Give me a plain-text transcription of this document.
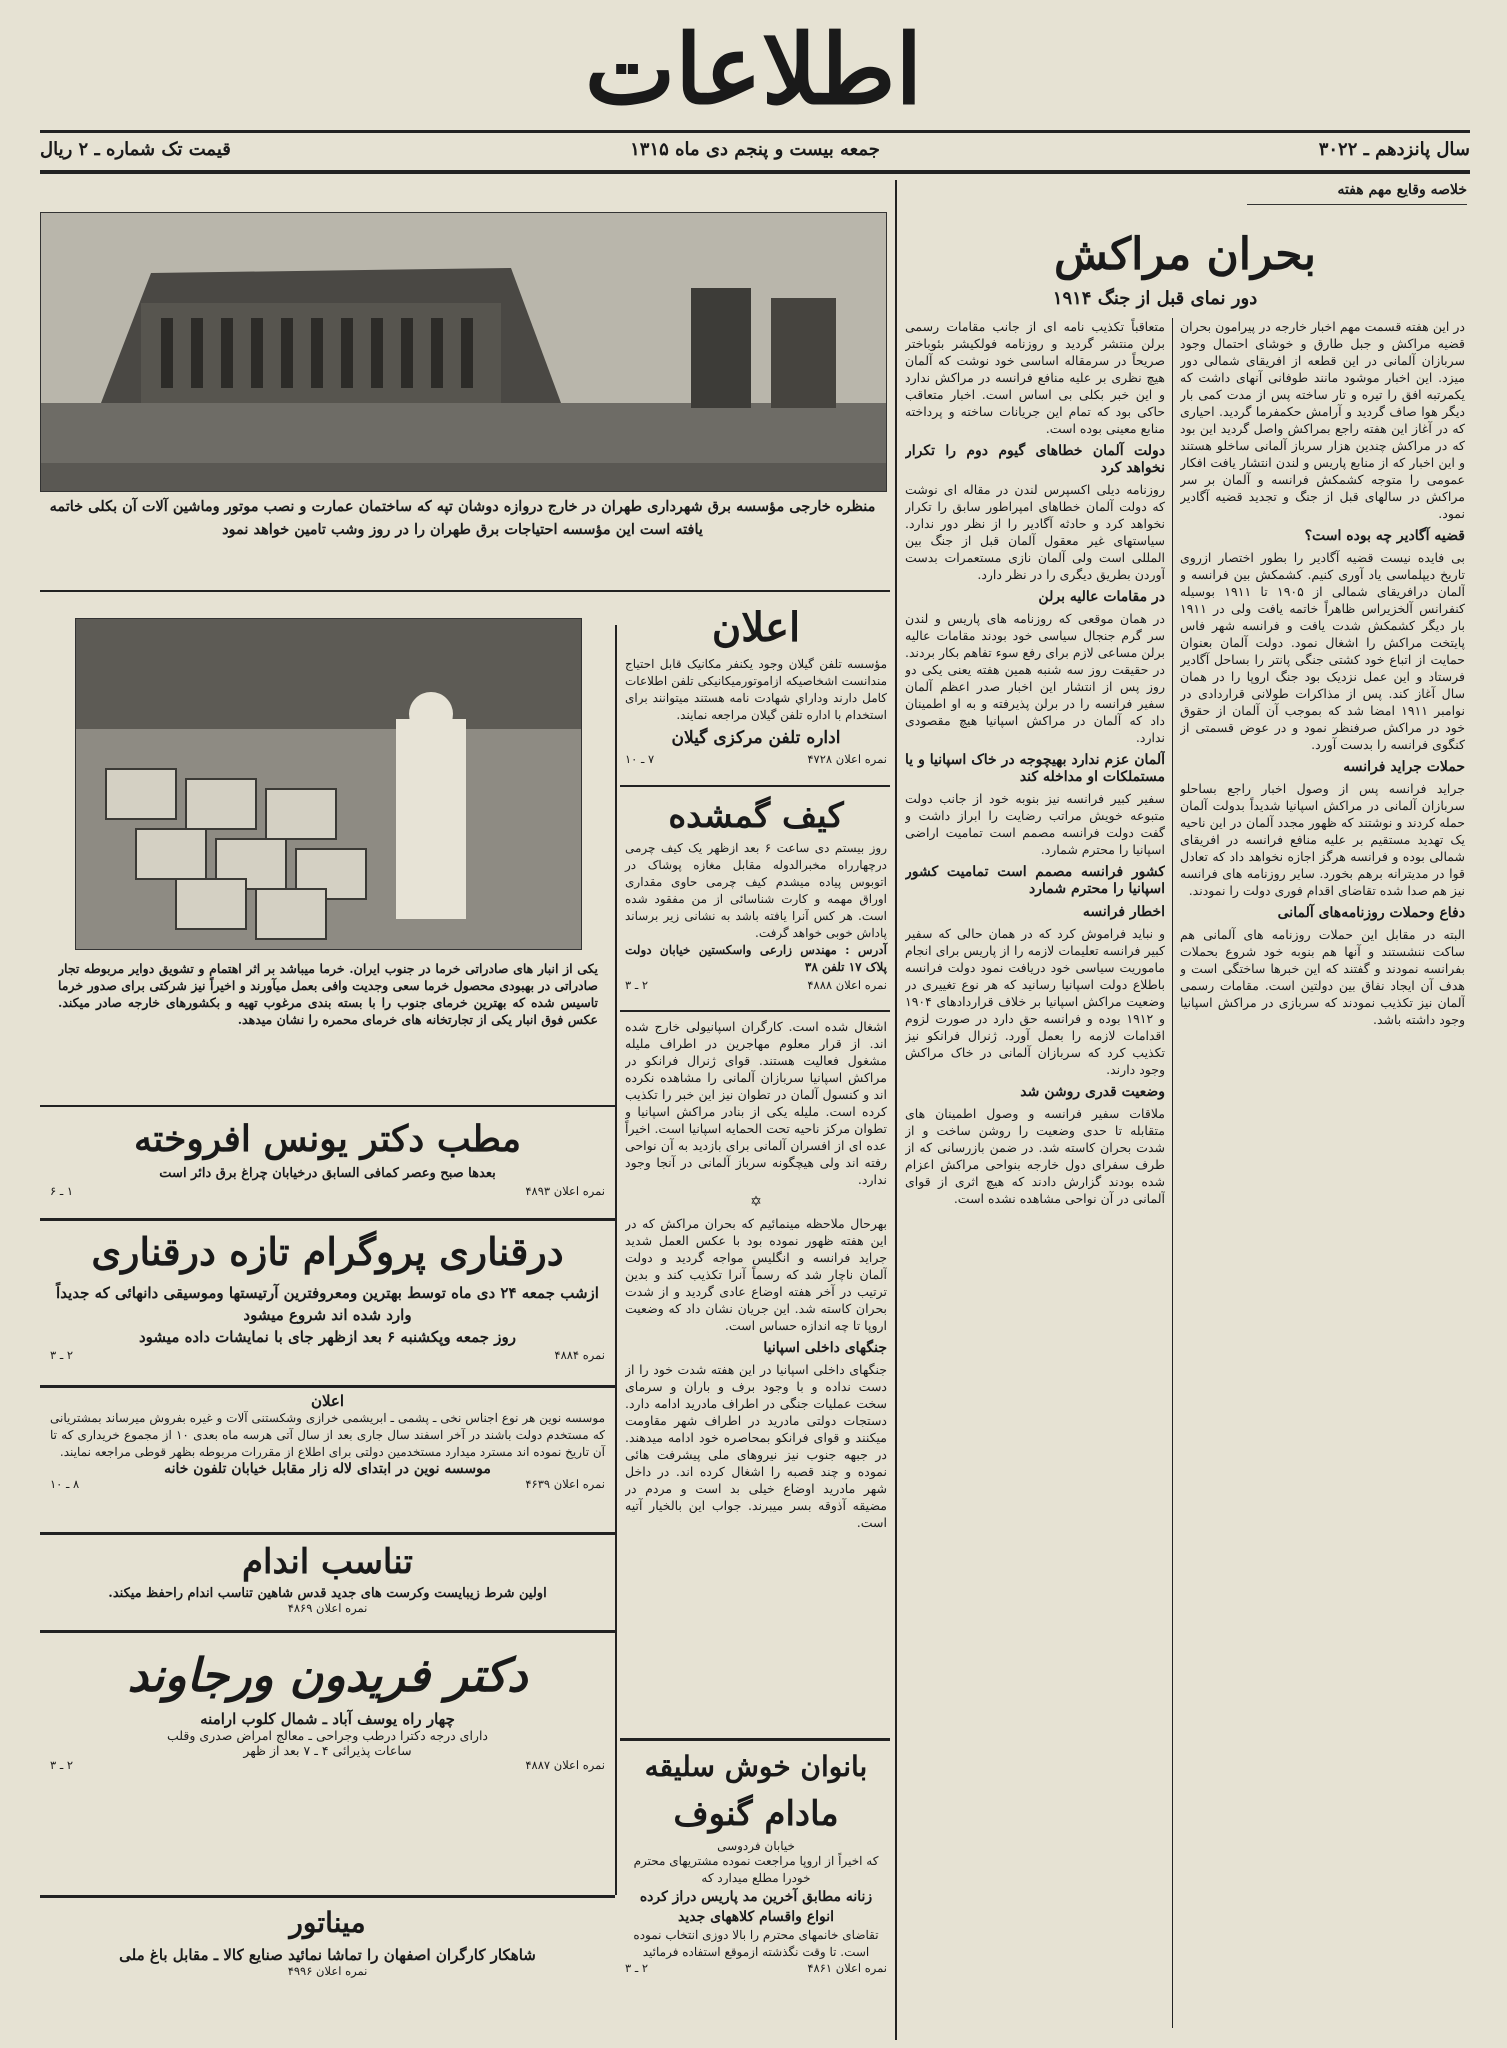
اطلاعات
سال پانزدهم ـ ۳۰۲۲
جمعه بیست و پنجم دی ماه ۱۳۱۵
قیمت تک شماره ـ ۲ ریال
خلاصه وقایع مهم هفته
بحران مراکش
دور نمای قبل از جنگ ۱۹۱۴

در این هفته قسمت مهم اخبار خارجه در پیرامون بحران قضیه مراکش و جبل طارق و خوشای احتمال وجود سربازان آلمانی در این قطعه از افریقای شمالی دور میزد. این اخبار موشود مانند طوفانی آنهای داشت که یکمرتبه افق را تیره و تار ساخته پس از مدت کمی بار دیگر هوا صاف گردید و آرامش حکمفرما گردید. احیاری که در آغاز این هفته راجع بمراکش واصل گردید این بود که در مراکش چندین هزار سرباز آلمانی ساخلو هستند و این اخبار که از منابع پاریس و لندن انتشار یافت افکار عمومی را متوجه کشمکش فرانسه و آلمان بر سر مراکش در سالهای قبل از جنگ و تجدید قضیه آگادیر نمود.

قضیه آگادیر چه بوده است؟

بی فایده نیست قضیه آگادیر را بطور اختصار ازروی تاریخ دیپلماسی یاد آوری کنیم. کشمکش بین فرانسه و آلمان درافریقای شمالی از ۱۹۰۵ تا ۱۹۱۱ بوسیله کنفرانس آلخزیراس ظاهراً خاتمه یافت ولی در ۱۹۱۱ بار دیگر کشمکش شدت یافت و فرانسه شهر فاس پایتخت مراکش را اشغال نمود. دولت آلمان بعنوان حمایت از اتباع خود کشتی جنگی پانتر را بساحل آگادیر فرستاد و این عمل نزدیک بود جنگ اروپا را در همان سال آغاز کند. پس از مذاکرات طولانی قراردادی در نوامبر ۱۹۱۱ امضا شد که بموجب آن آلمان از حقوق خود در مراکش صرفنظر نمود و در عوض قسمتی از کنگوی فرانسه را بدست آورد.

حملات جراید فرانسه

جراید فرانسه پس از وصول اخبار راجع بساحلو سربازان آلمانی در مراکش اسپانیا شدیداً بدولت آلمان حمله کردند و نوشتند که ظهور مجدد آلمان در این ناحیه یک تهدید مستقیم بر علیه منافع فرانسه در افریقای شمالی بوده و فرانسه هرگز اجازه نخواهد داد که تعادل قوا در مدیترانه برهم بخورد. سایر روزنامه های فرانسه نیز هم صدا شده تقاضای اقدام فوری دولت را نمودند.

دفاع وحملات روزنامه‌های آلمانی

البته در مقابل این حملات روزنامه های آلمانی هم ساکت ننشستند و آنها هم بنوبه خود شروع بحملات بفرانسه نمودند و گفتند که این خبرها ساختگی است و هدف آن ایجاد نفاق بین دولتین است. مقامات رسمی آلمان نیز تکذیب نمودند که سربازی در مراکش اسپانیا وجود داشته باشد.

متعاقباً تکذیب نامه ای از جانب مقامات رسمی برلن منتشر گردید و روزنامه فولکیشر بئوباختر صریحاً در سرمقاله اساسی خود نوشت که آلمان هیچ نظری بر علیه منافع فرانسه در مراکش ندارد و این خبر بکلی بی اساس است. اخبار متعاقب حاکی بود که تمام این جریانات ساخته و پرداخته منابع معینی بوده است.

دولت آلمان خطاهای گیوم دوم را تکرار نخواهد کرد

روزنامه دیلی اکسپرس لندن در مقاله ای نوشت که دولت آلمان خطاهای امپراطور سابق را تکرار نخواهد کرد و حادثه آگادیر را از نظر دور ندارد. سیاستهای غیر معقول آلمان قبل از جنگ بین المللی است ولی آلمان نازی مستعمرات بدست آوردن بطریق دیگری را در نظر دارد.

در مقامات عالیه برلن

در همان موقعی که روزنامه های پاریس و لندن سر گرم جنجال سیاسی خود بودند مقامات عالیه برلن مساعی لازم برای رفع سوء تفاهم بکار بردند. در حقیقت روز سه شنبه همین هفته یعنی یکی دو روز پس از انتشار این اخبار صدر اعظم آلمان سفیر فرانسه را در برلن پذیرفته و به او اطمینان داد که آلمان در مراکش اسپانیا هیچ مقصودی ندارد.

آلمان عزم ندارد بهیچوجه در خاک اسپانیا و یا مستملکات او مداخله کند

سفیر کبیر فرانسه نیز بنوبه خود از جانب دولت متبوعه خویش مراتب رضایت را ابراز داشت و گفت دولت فرانسه مصمم است تمامیت اراضی اسپانیا را محترم شمارد.

کشور فرانسه مصمم است تمامیت کشور اسپانیا را محترم شمارد
اخطار فرانسه

و نباید فراموش کرد که در همان حالی که سفیر کبیر فرانسه تعلیمات لازمه را از پاریس برای انجام ماموریت سیاسی خود دریافت نمود دولت فرانسه باطلاع دولت اسپانیا رسانید که هر نوع تغییری در وضعیت مراکش اسپانیا بر خلاف قراردادهای ۱۹۰۴ و ۱۹۱۲ بوده و فرانسه حق دارد در صورت لزوم اقدامات لازمه را بعمل آورد. ژنرال فرانکو نیز تکذیب کرد که سربازان آلمانی در خاک مراکش وجود دارند.

وضعیت قدری روشن شد

ملاقات سفیر فرانسه و وصول اطمینان های متقابله تا حدی وضعیت را روشن ساخت و از شدت بحران کاسته شد. در ضمن بازرسانی که از طرف سفرای دول خارجه بنواحی مراکش اعزام شده بودند گزارش دادند که هیچ اثری از قوای آلمانی در آن نواحی مشاهده نشده است.

منظره خارجی مؤسسه برق شهرداری طهران در خارج دروازه دوشان تپه که ساختمان عمارت و نصب موتور وماشین آلات آن بکلی خاتمه یافته است این مؤسسه احتیاجات برق طهران را در روز وشب تامین خواهد نمود
یکی از انبار های صادراتی خرما در جنوب ایران. خرما میباشد بر اثر اهتمام و تشویق دوایر مربوطه تجار صادراتی در بهبودی محصول خرما سعی وجدیت وافی بعمل میآورند و اخیراً نیز شرکتی برای صدور خرما تاسیس شده که بهترین خرمای جنوب را با بسته بندی مرغوب تهیه و بکشورهای خارجه صادر میکند. عکس فوق انبار یکی از تجارتخانه های خرمای محمره را نشان میدهد.
اعلان
مؤسسه تلفن گیلان وجود یکنفر مکانیک قابل احتیاج مندانست اشخاصیکه ازاموتورمیکانیکی تلفن اطلاعات کامل دارند وداراي شهادت نامه هستند میتوانند برای استخدام با اداره تلفن گیلان مراجعه نمایند.
اداره تلفن مرکزی گیلان
نمره اعلان ۴۷۲۸
۷ ـ ۱۰
کیف گمشده
روز بیستم دی ساعت ۶ بعد ازظهر یک کیف چرمی درچهارراه مخبرالدوله مقابل مغازه پوشاک در اتوبوس پیاده میشدم کیف چرمی حاوی مقداری اوراق مهمه و کارت شناسائی از من مفقود شده است. هر کس آنرا یافته باشد به نشانی زیر برساند پاداش خوبی خواهد گرفت.
آدرس : مهندس زارعی واسکستین خیابان دولت پلاک ۱۷ تلفن ۳۸
نمره اعلان ۴۸۸۸
۲ ـ ۳

اشغال شده است. کارگران اسپانیولی خارج شده اند. از قرار معلوم مهاجرین در اطراف ملیله مشغول فعالیت هستند. قوای ژنرال فرانکو در مراکش اسپانیا سربازان آلمانی را مشاهده نکرده اند و کنسول آلمان در تطوان نیز این خبر را تکذیب کرده است. ملیله یکی از بنادر مراکش اسپانیا و تطوان مرکز ناحیه تحت الحمایه اسپانیا است. اخیراً عده ای از افسران آلمانی برای بازدید به آن نواحی رفته اند ولی هیچگونه سرباز آلمانی در آنجا وجود ندارد.

✡

بهرحال ملاحظه مینمائیم که بحران مراکش که در این هفته ظهور نموده بود با عکس العمل شدید جراید فرانسه و انگلیس مواجه گردید و دولت آلمان ناچار شد که رسماً آنرا تکذیب کند و بدین ترتیب در آخر هفته اوضاع عادی گردید و از شدت بحران کاسته شد. این جریان نشان داد که وضعیت اروپا تا چه اندازه حساس است.

جنگهای داخلی اسپانیا

جنگهای داخلی اسپانیا در این هفته شدت خود را از دست نداده و با وجود برف و باران و سرمای سخت عملیات جنگی در اطراف مادرید ادامه دارد. دستجات دولتی مادرید در اطراف شهر مقاومت میکنند و قوای فرانکو بمحاصره خود ادامه میدهند. در جبهه جنوب نیز نیروهای ملی پیشرفت هائی نموده و چند قصبه را اشغال کرده اند. در داخل شهر مادرید اوضاع خیلی بد است و مردم در مضیقه آذوقه بسر میبرند. جواب این بالخیار آتیه است.

مطب دکتر یونس افروخته
بعدها صبح وعصر کمافی السابق درخیابان چراغ برق دائر است
نمره اعلان ۴۸۹۳
۱ ـ ۶
درقناری پروگرام تازه درقناری
ازشب جمعه ۲۴ دی ماه توسط بهترین ومعروفترین آرتیستها وموسیقی دانهائی که جدیداً وارد شده اند شروع میشود
روز جمعه وپکشنبه ۶ بعد ازظهر جای با نمایشات داده میشود
نمره ۴۸۸۴
۲ ـ ۳
اعلان
موسسه نوین هر نوع اجناس نخی ـ پشمی ـ ابریشمی خرازی وشکستنی آلات و غیره بفروش میرساند بمشتریانی که مستخدم دولت باشند در آخر اسفند سال جاری بعد از سال آتی هرسه ماه بعدی ۱۰ از مجموع خریداری که تا آن تاریخ نموده اند مسترد میدارد مستخدمین دولتی برای اطلاع از مقررات مربوطه بظهر قوطی مراجعه نمایند.
موسسه نوین در ابتدای لاله زار مقابل خیابان تلفون خانه
نمره اعلان ۴۶۳۹
۸ ـ ۱۰
تناسب اندام
اولین شرط زیبایست وکرست های جدید قدس شاهین تناسب اندام راحفظ میکند.
نمره اعلان ۴۸۶۹
دکتر فریدون ورجاوند
چهار راه یوسف آباد ـ شمال کلوب ارامنه
دارای درجه دکترا درطب وجراحی ـ معالج امراض صدری وقلب
ساعات پذیرائی ۴ ـ ۷ بعد از ظهر
نمره اعلان ۴۸۸۷
۲ ـ ۳
میناتور
شاهکار کارگران اصفهان را تماشا نمائید صنایع کالا ـ مقابل باغ ملی
نمره اعلان ۴۹۹۶
بانوان خوش سلیقه
مادام گنوف
خیابان فردوسی
که اخیراً از اروپا مراجعت نموده مشتریهای محترم خودرا مطلع میدارد که
زنانه مطابق آخرین مد پاریس دراز کرده
انواع واقسام کلاههای جدید
تقاضای خانمهای محترم را بالا دوزی انتخاب نموده است. تا وقت نگذشته ازموقع استفاده فرمائید
نمره اعلان ۴۸۶۱
۲ ـ ۳
